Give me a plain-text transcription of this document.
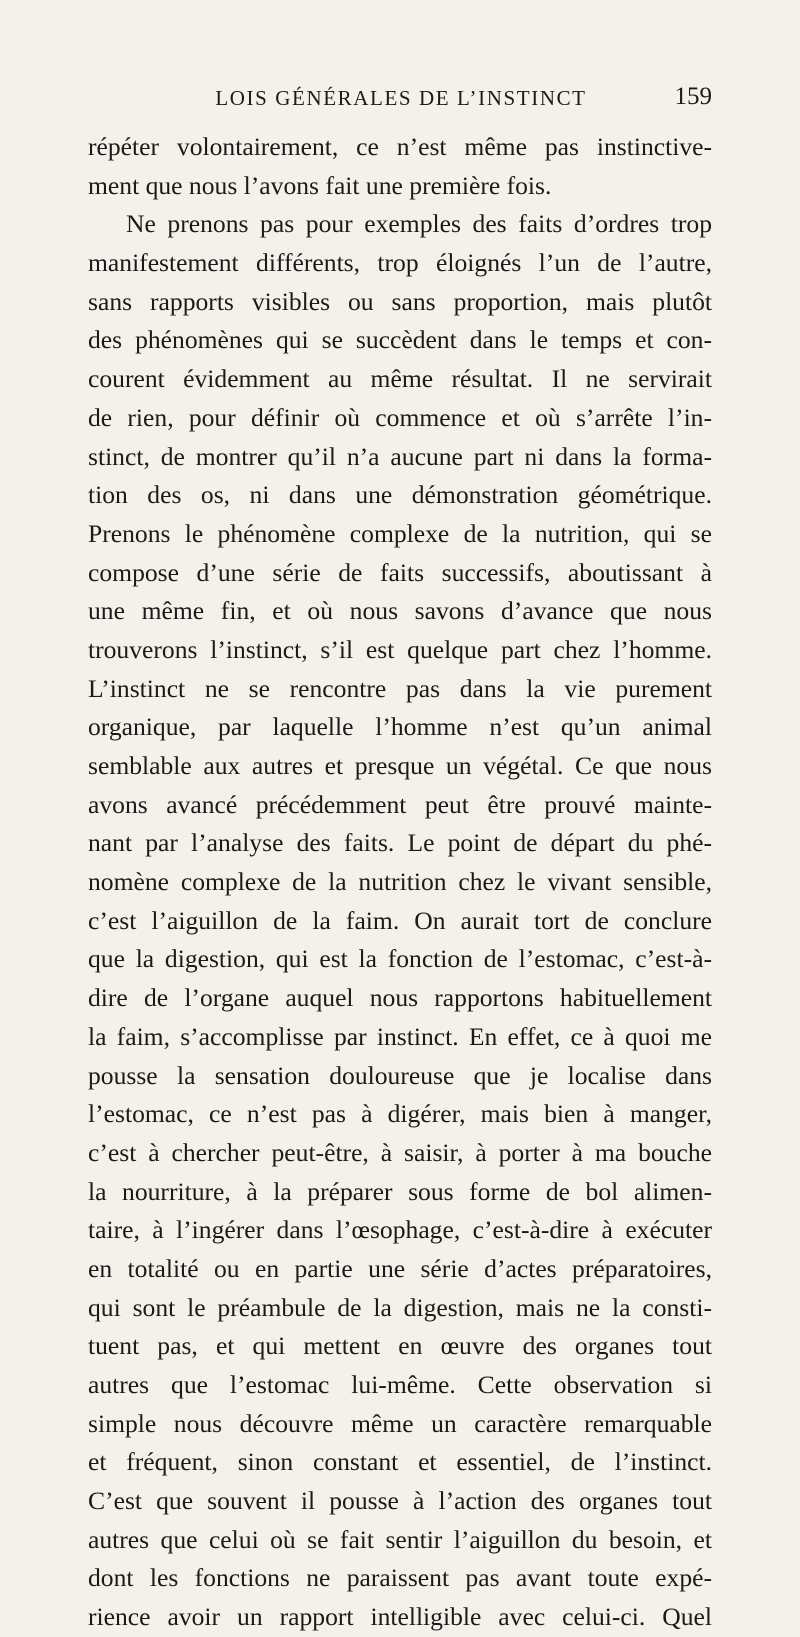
LOIS GÉNÉRALES DE L’INSTINCT	159
répéter volontairement, ce n’est même pas instinctive-
ment que nous l’avons fait une première fois.
Ne prenons pas pour exemples des faits d’ordres trop
manifestement différents, trop éloignés l’un de l’autre,
sans rapports visibles ou sans proportion, mais plutôt
des phénomènes qui se succèdent dans le temps et con-
courent évidemment au même résultat. Il ne servirait
de rien, pour définir où commence et où s’arrête l’in-
stinct, de montrer qu’il n’a aucune part ni dans la forma-
tion des os, ni dans une démonstration géométrique.
Prenons le phénomène complexe de la nutrition, qui se
compose d’une série de faits successifs, aboutissant à
une même fin, et où nous savons d’avance que nous
trouverons l’instinct, s’il est quelque part chez l’homme.
L’instinct ne se rencontre pas dans la vie purement
organique, par laquelle l’homme n’est qu’un animal
semblable aux autres et presque un végétal. Ce que nous
avons avancé précédemment peut être prouvé mainte-
nant par l’analyse des faits. Le point de départ du phé-
nomène complexe de la nutrition chez le vivant sensible,
c’est l’aiguillon de la faim. On aurait tort de conclure
que la digestion, qui est la fonction de l’estomac, c’est-à-
dire de l’organe auquel nous rapportons habituellement
la faim, s’accomplisse par instinct. En effet, ce à quoi me
pousse la sensation douloureuse que je localise dans
l’estomac, ce n’est pas à digérer, mais bien à manger,
c’est à chercher peut-être, à saisir, à porter à ma bouche
la nourriture, à la préparer sous forme de bol alimen-
taire, à l’ingérer dans l’œsophage, c’est-à-dire à exécuter
en totalité ou en partie une série d’actes préparatoires,
qui sont le préambule de la digestion, mais ne la consti-
tuent pas, et qui mettent en œuvre des organes tout
autres que l’estomac lui-même. Cette observation si
simple nous découvre même un caractère remarquable
et fréquent, sinon constant et essentiel, de l’instinct.
C’est que souvent il pousse à l’action des organes tout
autres que celui où se fait sentir l’aiguillon du besoin, et
dont les fonctions ne paraissent pas avant toute expé-
rience avoir un rapport intelligible avec celui-ci. Quel
